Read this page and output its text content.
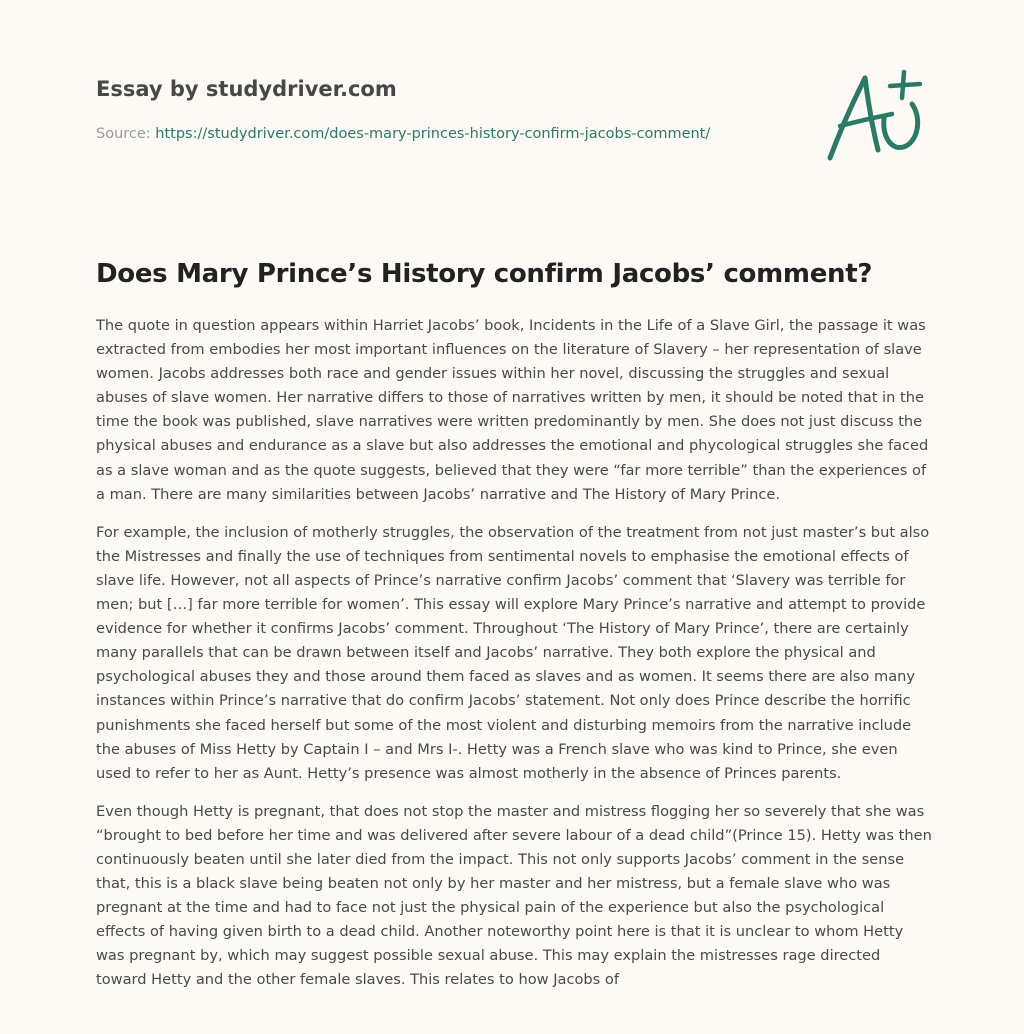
Essay by studydriver.com
Source: https://studydriver.com/does-mary-princes-history-confirm-jacobs-comment/
Does Mary Prince’s History confirm Jacobs’ comment?

The quote in question appears within Harriet Jacobs’ book, Incidents in the Life of a Slave Girl, the passage it was extracted from embodies her most important influences on the literature of Slavery – her representation of slave women. Jacobs addresses both race and gender issues within her novel, discussing the struggles and sexual abuses of slave women. Her narrative differs to those of narratives written by men, it should be noted that in the time the book was published, slave narratives were written predominantly by men. She does not just discuss the physical abuses and endurance as a slave but also addresses the emotional and phycological struggles she faced as a slave woman and as the quote suggests, believed that they were “far more terrible” than the experiences of a man. There are many similarities between Jacobs’ narrative and The History of Mary Prince.

For example, the inclusion of motherly struggles, the observation of the treatment from not just master’s but also the Mistresses and finally the use of techniques from sentimental novels to emphasise the emotional effects of slave life. However, not all aspects of Prince’s narrative confirm Jacobs’ comment that ‘Slavery was terrible for men; but […] far more terrible for women’. This essay will explore Mary Prince’s narrative and attempt to provide evidence for whether it confirms Jacobs’ comment. Throughout ‘The History of Mary Prince’, there are certainly many parallels that can be drawn between itself and Jacobs’ narrative. They both explore the physical and psychological abuses they and those around them faced as slaves and as women. It seems there are also many instances within Prince’s narrative that do confirm Jacobs’ statement. Not only does Prince describe the horrific punishments she faced herself but some of the most violent and disturbing memoirs from the narrative include the abuses of Miss Hetty by Captain I – and Mrs I-. Hetty was a French slave who was kind to Prince, she even used to refer to her as Aunt. Hetty’s presence was almost motherly in the absence of Princes parents.

Even though Hetty is pregnant, that does not stop the master and mistress flogging her so severely that she was “brought to bed before her time and was delivered after severe labour of a dead child”(Prince 15). Hetty was then continuously beaten until she later died from the impact. This not only supports Jacobs’ comment in the sense that, this is a black slave being beaten not only by her master and her mistress, but a female slave who was pregnant at the time and had to face not just the physical pain of the experience but also the psychological effects of having given birth to a dead child. Another noteworthy point here is that it is unclear to whom Hetty was pregnant by, which may suggest possible sexual abuse. This may explain the mistresses rage directed toward Hetty and the other female slaves. This relates to how Jacobs of
